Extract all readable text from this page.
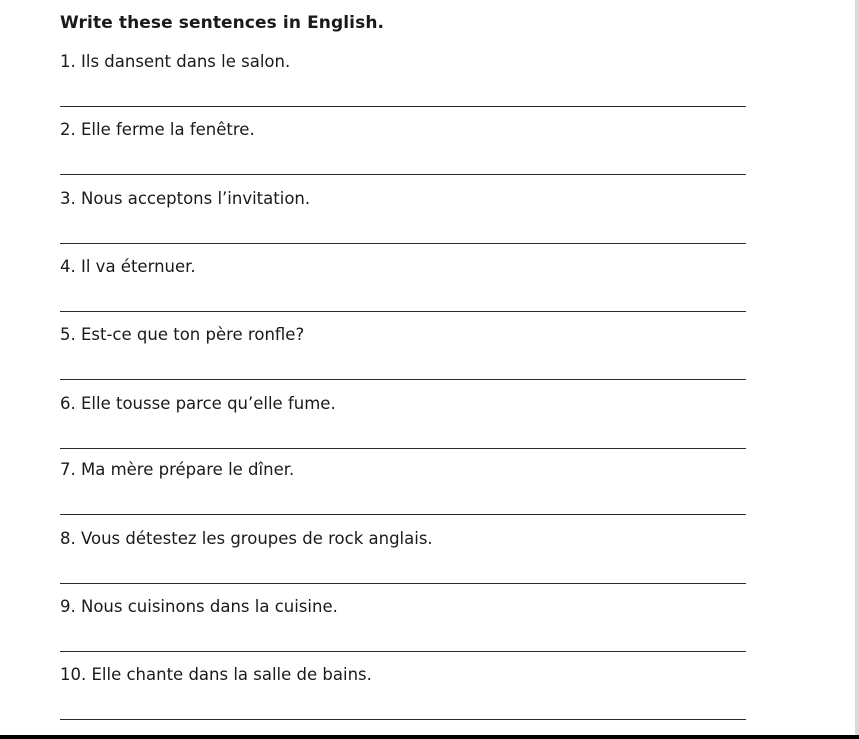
Write these sentences in English.
1. Ils dansent dans le salon.
2. Elle ferme la fenêtre.
3. Nous acceptons l’invitation.
4. Il va éternuer.
5. Est-ce que ton père ronfle?
6. Elle tousse parce qu’elle fume.
7. Ma mère prépare le dîner.
8. Vous détestez les groupes de rock anglais.
9. Nous cuisinons dans la cuisine.
10. Elle chante dans la salle de bains.
